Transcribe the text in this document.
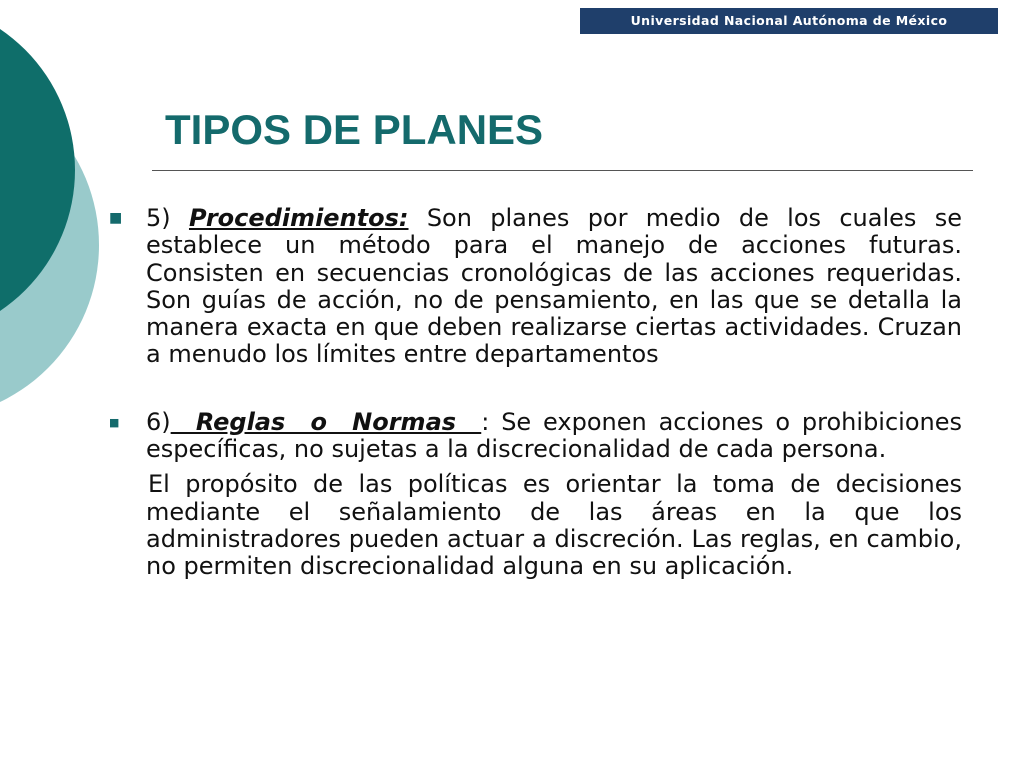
Universidad Nacional Autónoma de México
TIPOS DE PLANES

■ 5) Procedimientos: Son planes por medio de los cuales se establece un método para el manejo de acciones futuras. Consisten en secuencias cronológicas de las acciones requeridas. Son guías de acción, no de pensamiento, en las que se detalla la manera exacta en que deben realizarse ciertas actividades. Cruzan a menudo los límites entre departamentos

■ 6)  Reglas  o  Normas  : Se exponen acciones o prohibiciones específicas, no sujetas a la discrecionalidad de cada persona.

El propósito de las políticas es orientar la toma de decisiones mediante el señalamiento de las áreas en la que los administradores pueden actuar a discreción. Las reglas, en cambio, no permiten discrecionalidad alguna en su aplicación.
